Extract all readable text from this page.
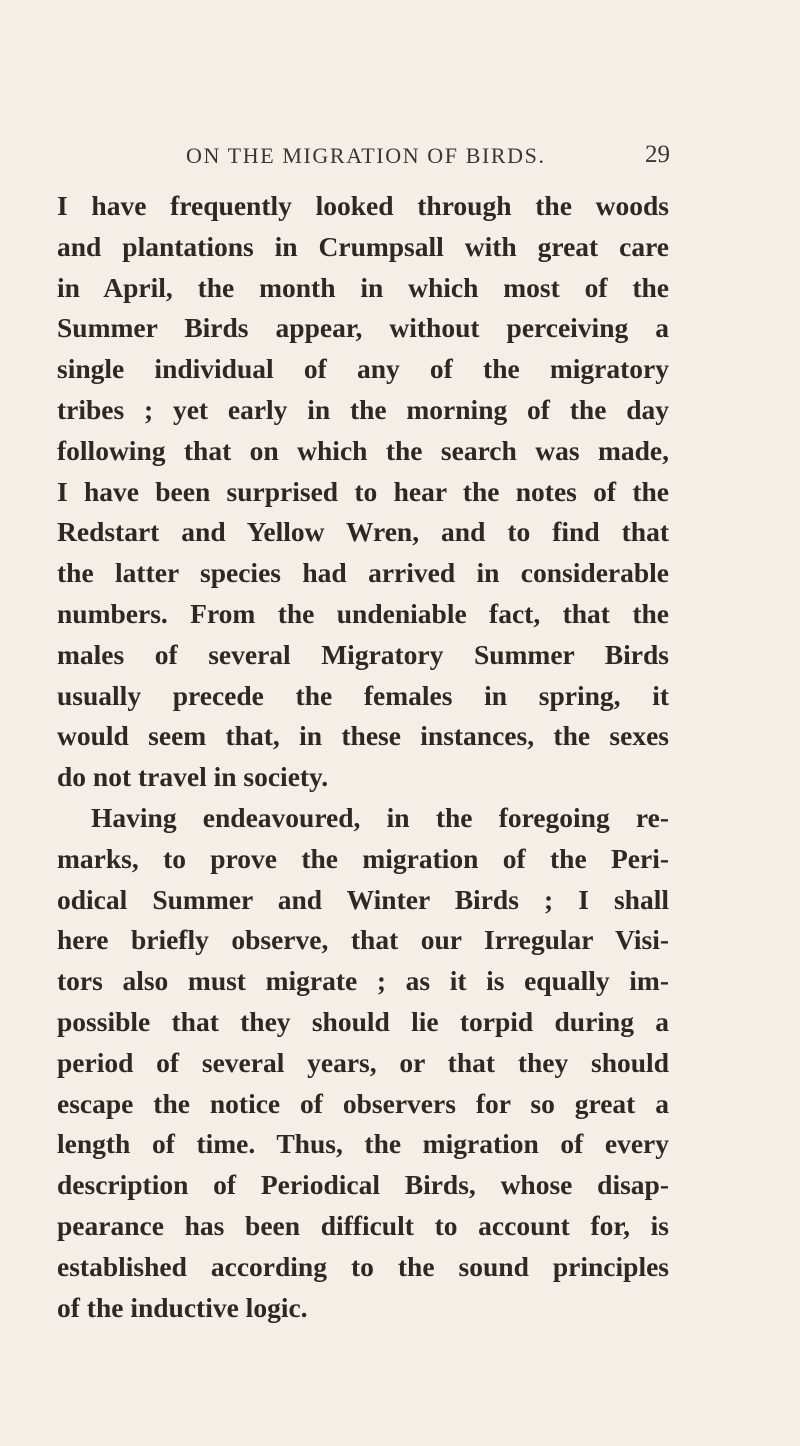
ON THE MIGRATION OF BIRDS.	29
I have frequently looked through the woods
and plantations in Crumpsall with great care
in April, the month in which most of the
Summer Birds appear, without perceiving a
single individual of any of the migratory
tribes ; yet early in the morning of the day
following that on which the search was made,
I have been surprised to hear the notes of the
Redstart and Yellow Wren, and to find that
the latter species had arrived in considerable
numbers. From the undeniable fact, that the
males of several Migratory Summer Birds
usually precede the females in spring, it
would seem that, in these instances, the sexes
do not travel in society.
Having endeavoured, in the foregoing re-
marks, to prove the migration of the Peri-
odical Summer and Winter Birds ; I shall
here briefly observe, that our Irregular Visi-
tors also must migrate ; as it is equally im-
possible that they should lie torpid during a
period of several years, or that they should
escape the notice of observers for so great a
length of time. Thus, the migration of every
description of Periodical Birds, whose disap-
pearance has been difficult to account for, is
established according to the sound principles
of the inductive logic.
